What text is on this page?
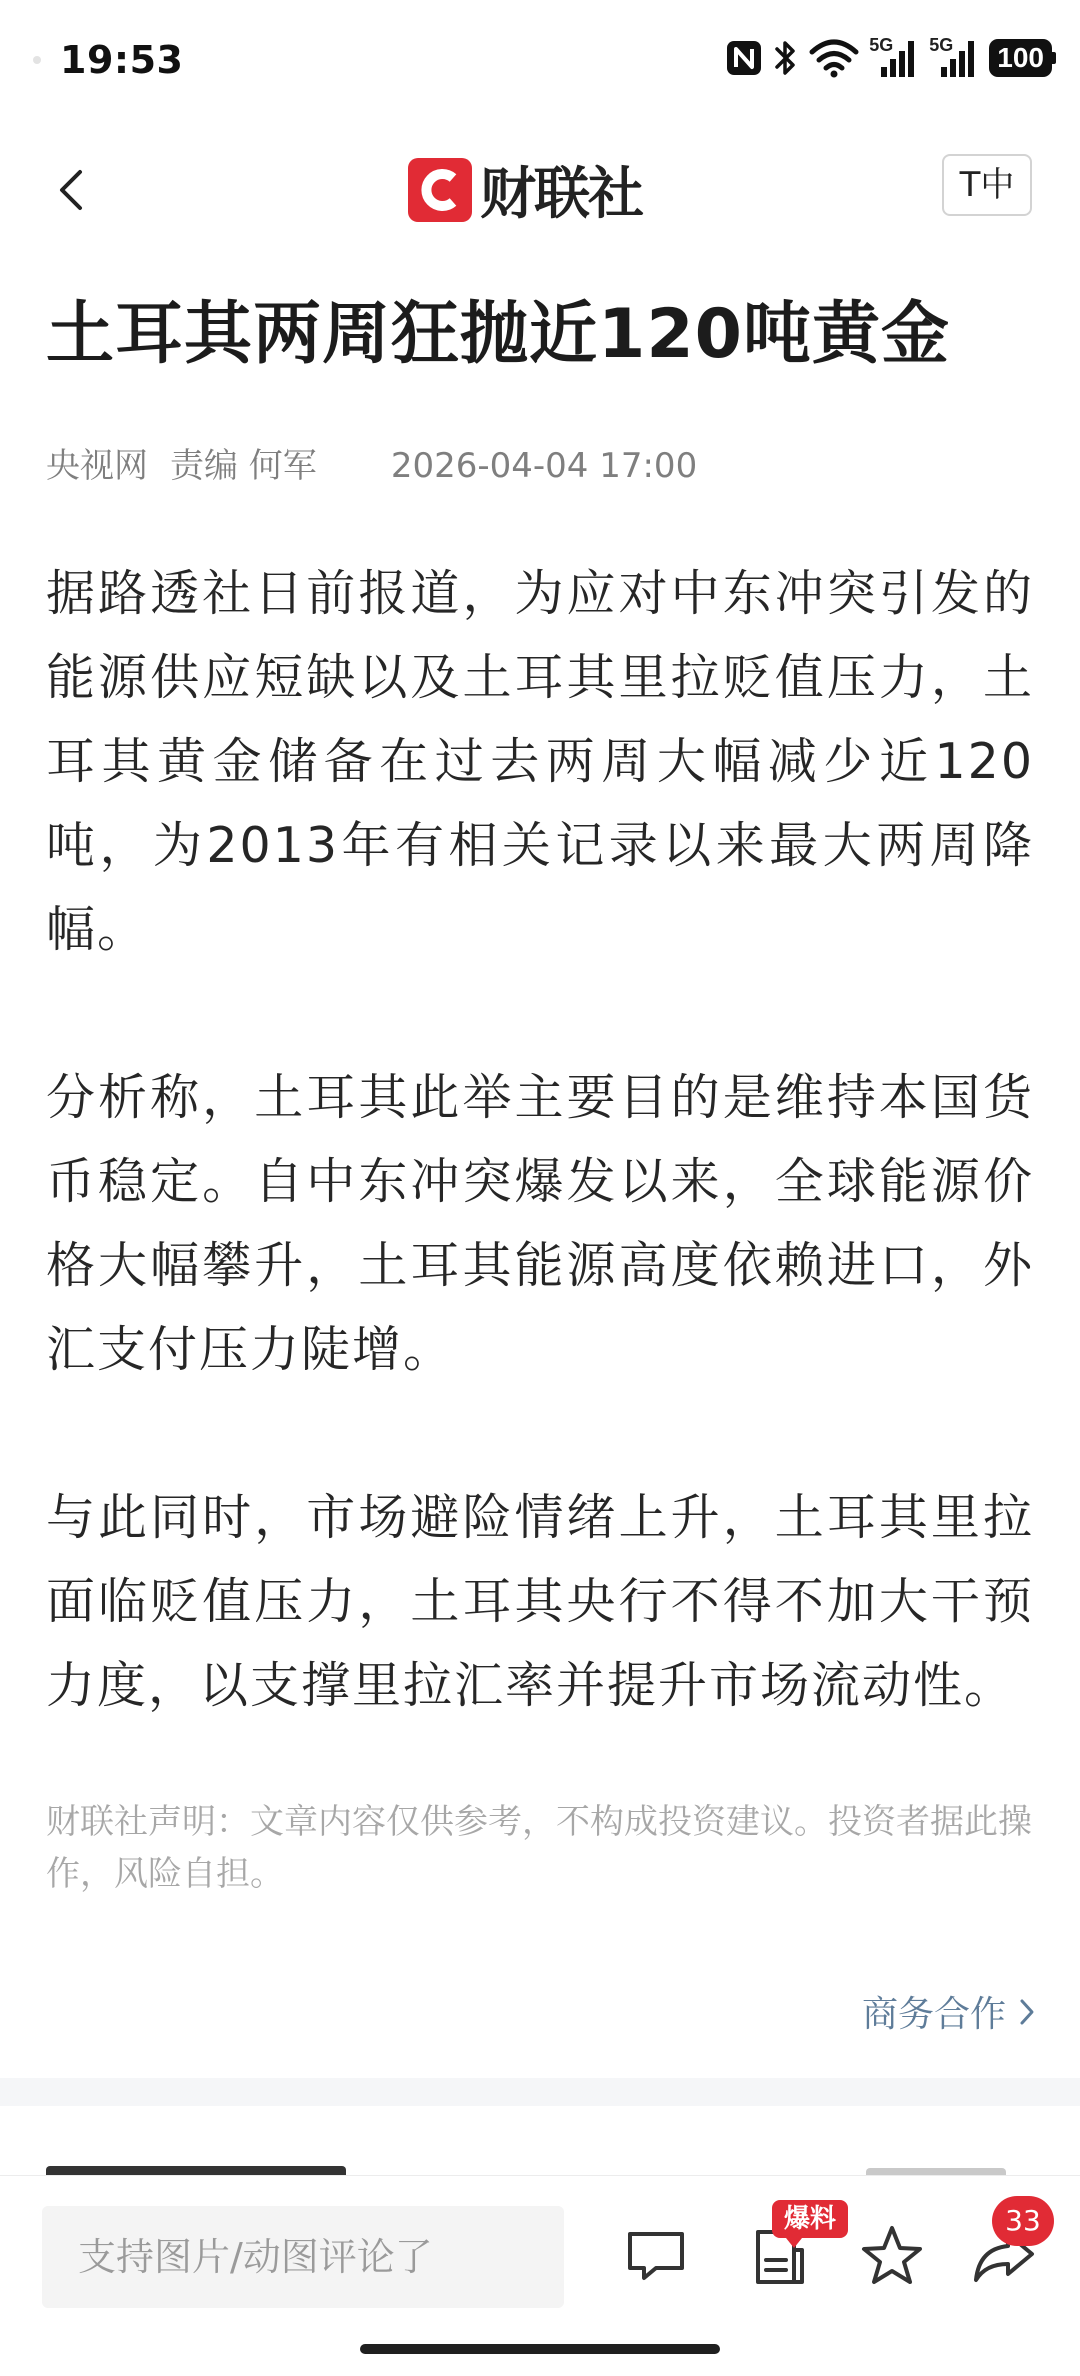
19:53	5G 5G 100
财联社	T中
土耳其两周狂抛近120吨黄金
央视网 责编 何军 2026-04-04 17:00

据路透社日前报道，为应对中东冲突引发的能源供应短缺以及土耳其里拉贬值压力，土耳其黄金储备在过去两周大幅减少近120吨，为2013年有相关记录以来最大两周降幅。

分析称，土耳其此举主要目的是维持本国货币稳定。自中东冲突爆发以来，全球能源价格大幅攀升，土耳其能源高度依赖进口，外汇支付压力陡增。

与此同时，市场避险情绪上升，土耳其里拉面临贬值压力，土耳其央行不得不加大干预力度，以支撑里拉汇率并提升市场流动性。

财联社声明：文章内容仅供参考，不构成投资建议。投资者据此操作，风险自担。

商务合作
支持图片/动图评论了
爆料	33
